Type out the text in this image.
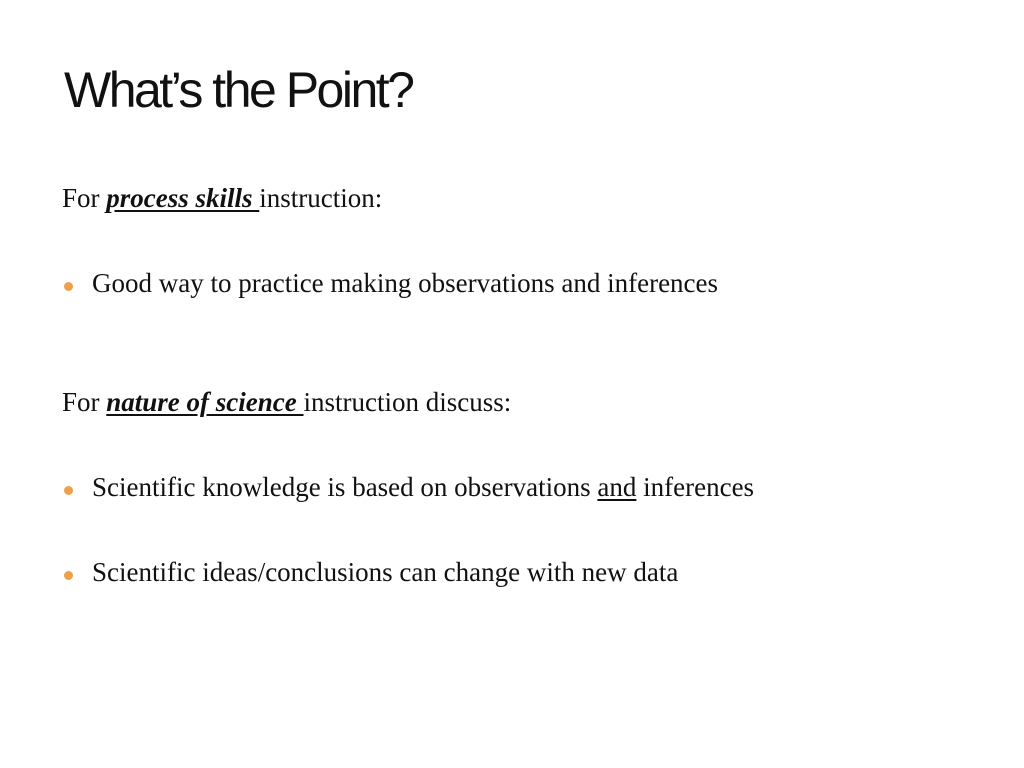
What’s the Point?
For process skills instruction:
Good way to practice making observations and inferences
For nature of science instruction discuss:
Scientific knowledge is based on observations and inferences
Scientific ideas/conclusions can change with new data
